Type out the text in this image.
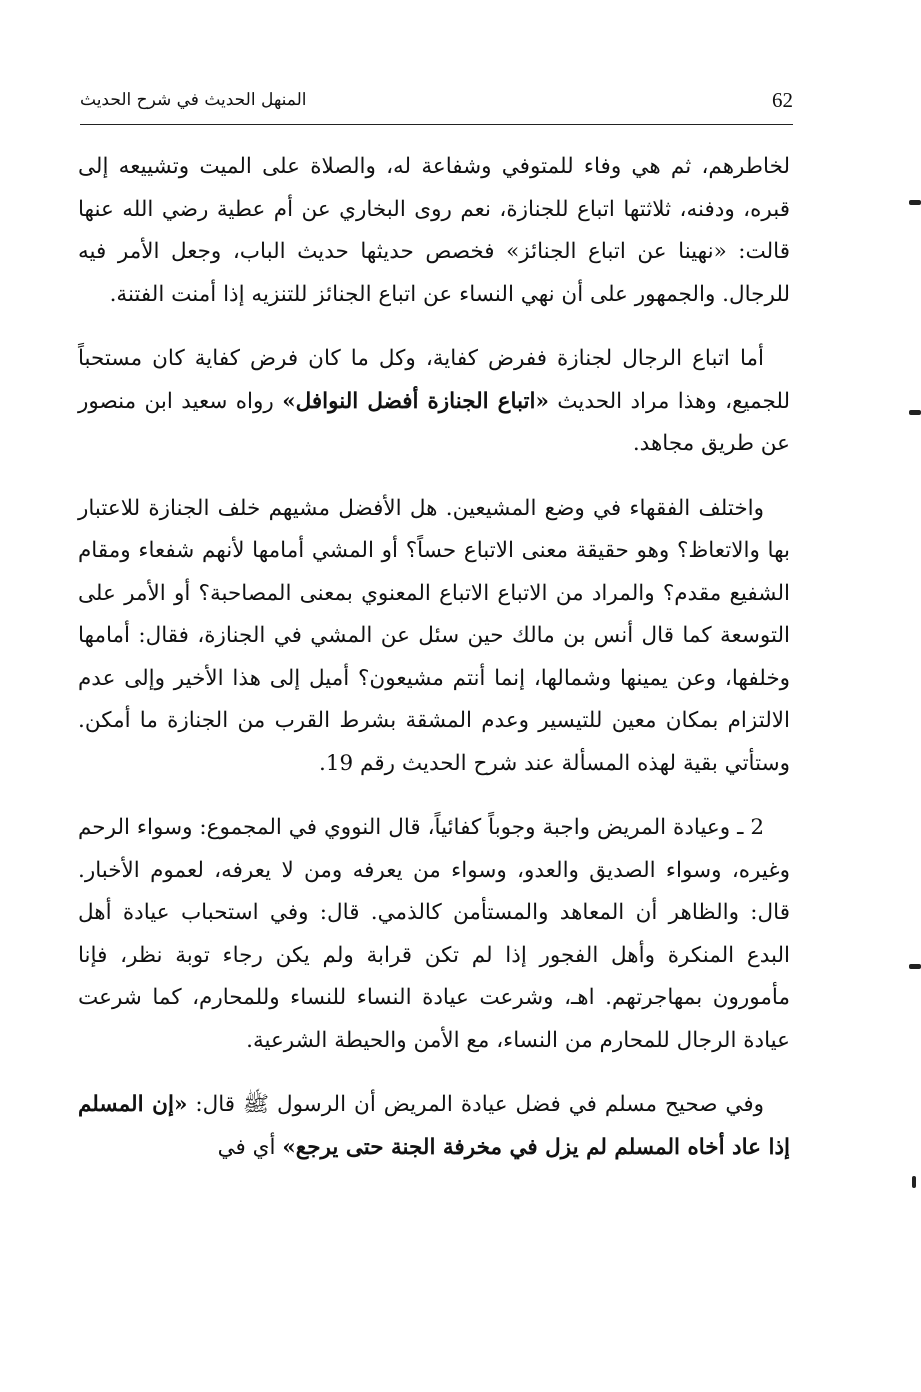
62
المنهل الحديث في شرح الحديث

لخاطرهم، ثم هي وفاء للمتوفي وشفاعة له، والصلاة على الميت وتشييعه إلى قبره، ودفنه، ثلاثتها اتباع للجنازة، نعم روى البخاري عن أم عطية رضي الله عنها قالت: «نهينا عن اتباع الجنائز» فخصص حديثها حديث الباب، وجعل الأمر فيه للرجال. والجمهور على أن نهي النساء عن اتباع الجنائز للتنزيه إذا أمنت الفتنة.

أما اتباع الرجال لجنازة ففرض كفاية، وكل ما كان فرض كفاية كان مستحباً للجميع، وهذا مراد الحديث «اتباع الجنازة أفضل النوافل» رواه سعيد ابن منصور عن طريق مجاهد.

واختلف الفقهاء في وضع المشيعين. هل الأفضل مشيهم خلف الجنازة للاعتبار بها والاتعاظ؟ وهو حقيقة معنى الاتباع حساً؟ أو المشي أمامها لأنهم شفعاء ومقام الشفيع مقدم؟ والمراد من الاتباع الاتباع المعنوي بمعنى المصاحبة؟ أو الأمر على التوسعة كما قال أنس بن مالك حين سئل عن المشي في الجنازة، فقال: أمامها وخلفها، وعن يمينها وشمالها، إنما أنتم مشيعون؟ أميل إلى هذا الأخير وإلى عدم الالتزام بمكان معين للتيسير وعدم المشقة بشرط القرب من الجنازة ما أمكن. وستأتي بقية لهذه المسألة عند شرح الحديث رقم 19.

2 ـ وعيادة المريض واجبة وجوباً كفائياً، قال النووي في المجموع: وسواء الرحم وغيره، وسواء الصديق والعدو، وسواء من يعرفه ومن لا يعرفه، لعموم الأخبار. قال: والظاهر أن المعاهد والمستأمن كالذمي. قال: وفي استحباب عيادة أهل البدع المنكرة وأهل الفجور إذا لم تكن قرابة ولم يكن رجاء توبة نظر، فإنا مأمورون بمهاجرتهم. اهـ، وشرعت عيادة النساء للنساء وللمحارم، كما شرعت عيادة الرجال للمحارم من النساء، مع الأمن والحيطة الشرعية.

وفي صحيح مسلم في فضل عيادة المريض أن الرسول ﷺ قال: «إن المسلم إذا عاد أخاه المسلم لم يزل في مخرفة الجنة حتى يرجع» أي في
